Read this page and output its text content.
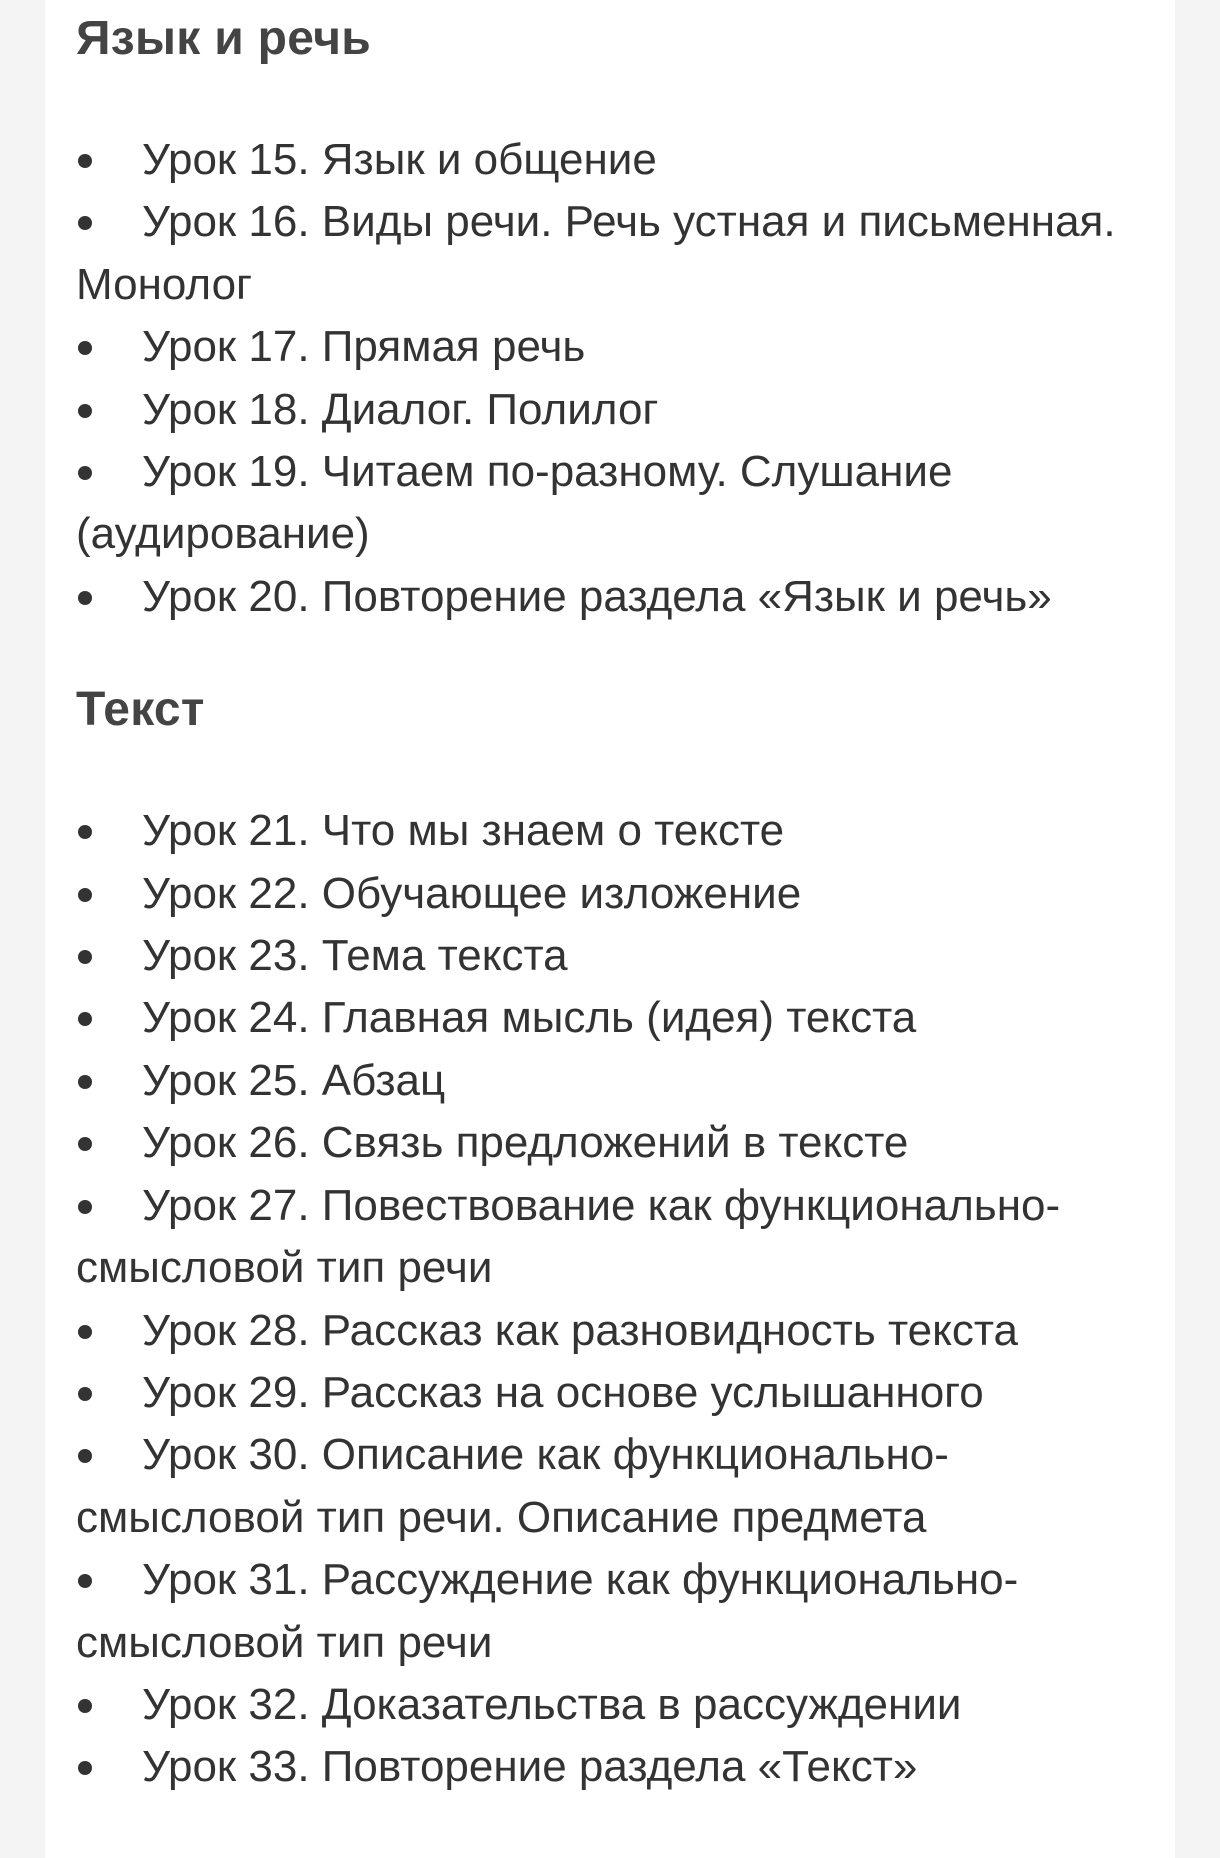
Язык и речь
Урок 15. Язык и общение
Урок 16. Виды речи. Речь устная и письменная. Монолог
Урок 17. Прямая речь
Урок 18. Диалог. Полилог
Урок 19. Читаем по-разному. Слушание (аудирование)
Урок 20. Повторение раздела «Язык и речь»
Текст
Урок 21. Что мы знаем о тексте
Урок 22. Обучающее изложение
Урок 23. Тема текста
Урок 24. Главная мысль (идея) текста
Урок 25. Абзац
Урок 26. Связь предложений в тексте
Урок 27. Повествование как функционально-смысловой тип речи
Урок 28. Рассказ как разновидность текста
Урок 29. Рассказ на основе услышанного
Урок 30. Описание как функционально-смысловой тип речи. Описание предмета
Урок 31. Рассуждение как функционально-смысловой тип речи
Урок 32. Доказательства в рассуждении
Урок 33. Повторение раздела «Текст»
